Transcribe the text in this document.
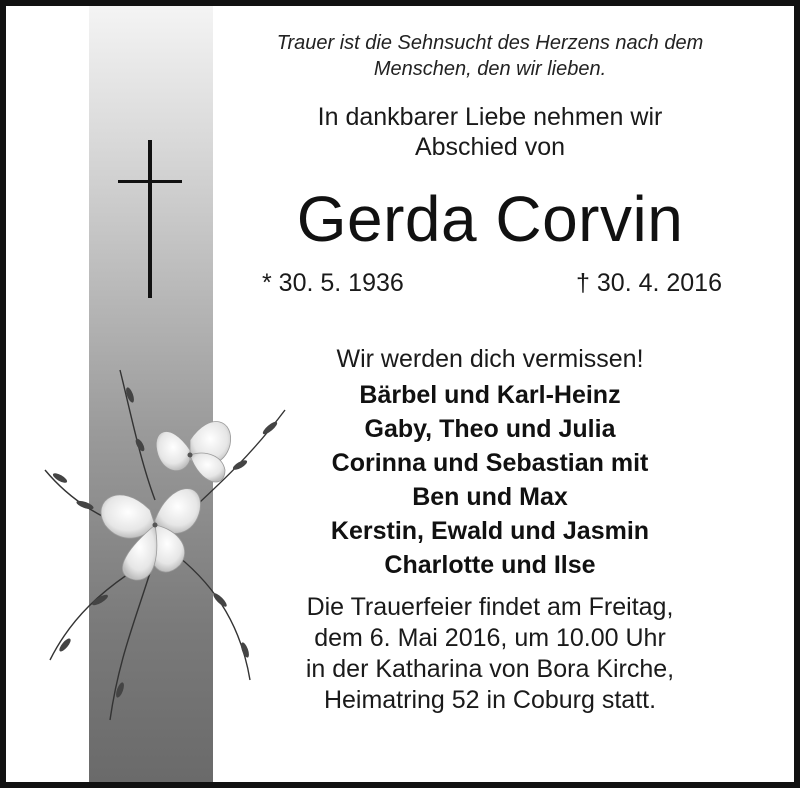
Trauer ist die Sehnsucht des Herzens nach dem
Menschen, den wir lieben.

In dankbarer Liebe nehmen wir
Abschied von

Gerda Corvin
* 30. 5. 1936	† 30. 4. 2016

Wir werden dich vermissen!

Bärbel und Karl-Heinz
Gaby, Theo und Julia
Corinna und Sebastian mit
Ben und Max
Kerstin, Ewald und Jasmin
Charlotte und Ilse

Die Trauerfeier findet am Freitag,
dem 6. Mai 2016, um 10.00 Uhr
in der Katharina von Bora Kirche,
Heimatring 52 in Coburg statt.
